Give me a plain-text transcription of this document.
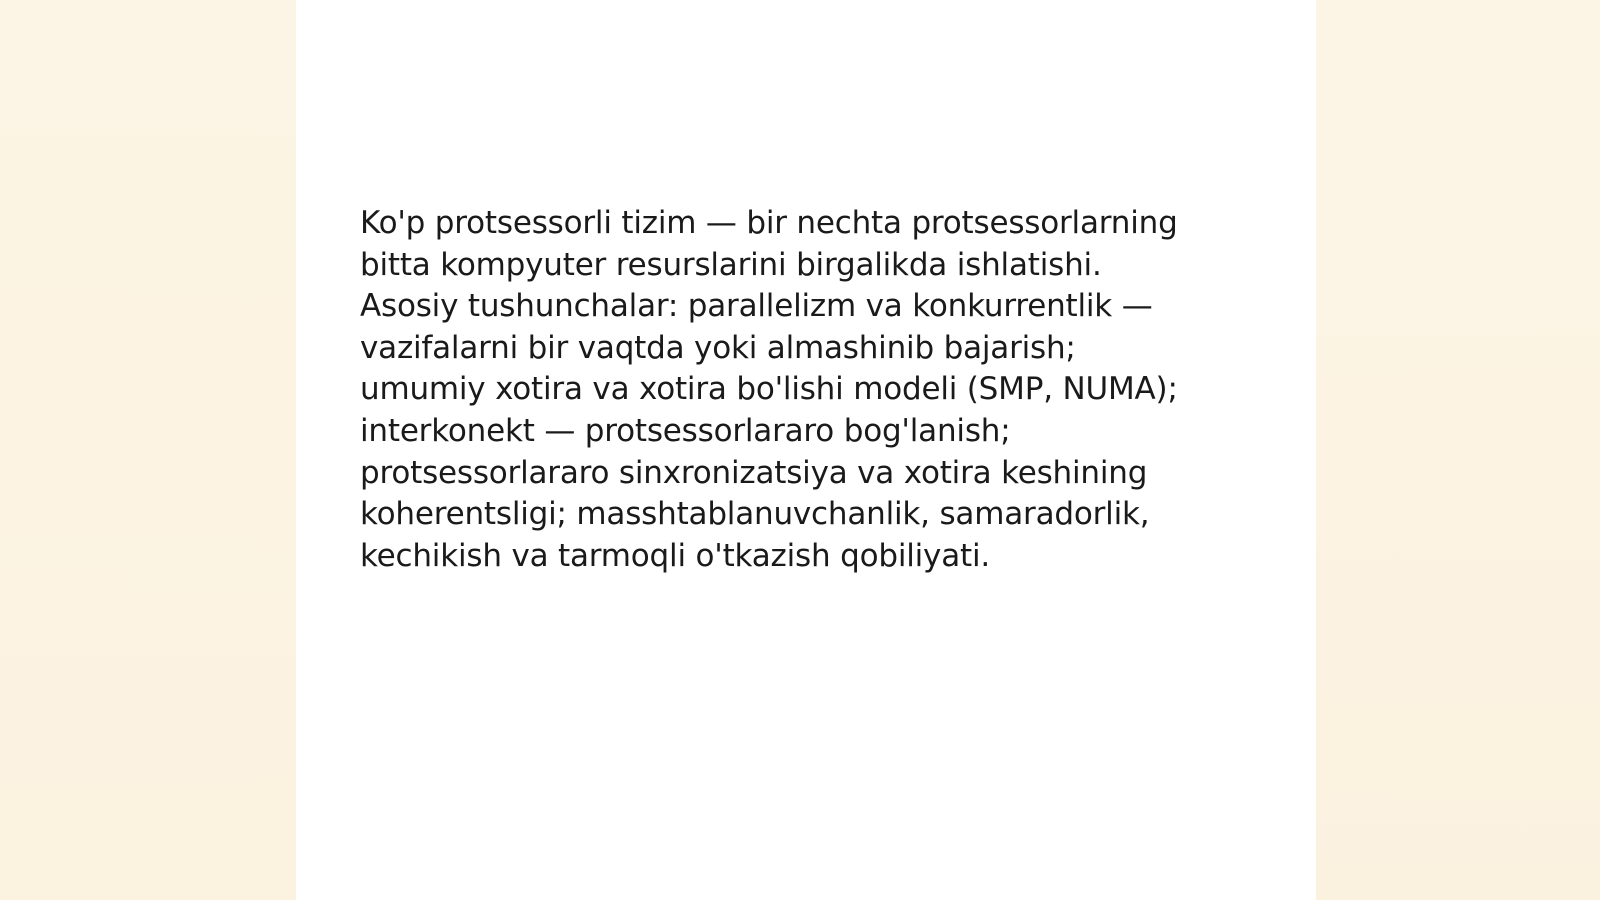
Ko'p protsessorli tizim — bir nechta protsessorlarning
bitta kompyuter resurslarini birgalikda ishlatishi.
Asosiy tushunchalar: parallelizm va konkurrentlik —
vazifalarni bir vaqtda yoki almashinib bajarish;
umumiy xotira va xotira bo'lishi modeli (SMP, NUMA);
interkonekt — protsessorlararo bog'lanish;
protsessorlararo sinxronizatsiya va xotira keshining
koherentsligi; masshtablanuvchanlik, samaradorlik,
kechikish va tarmoqli o'tkazish qobiliyati.
